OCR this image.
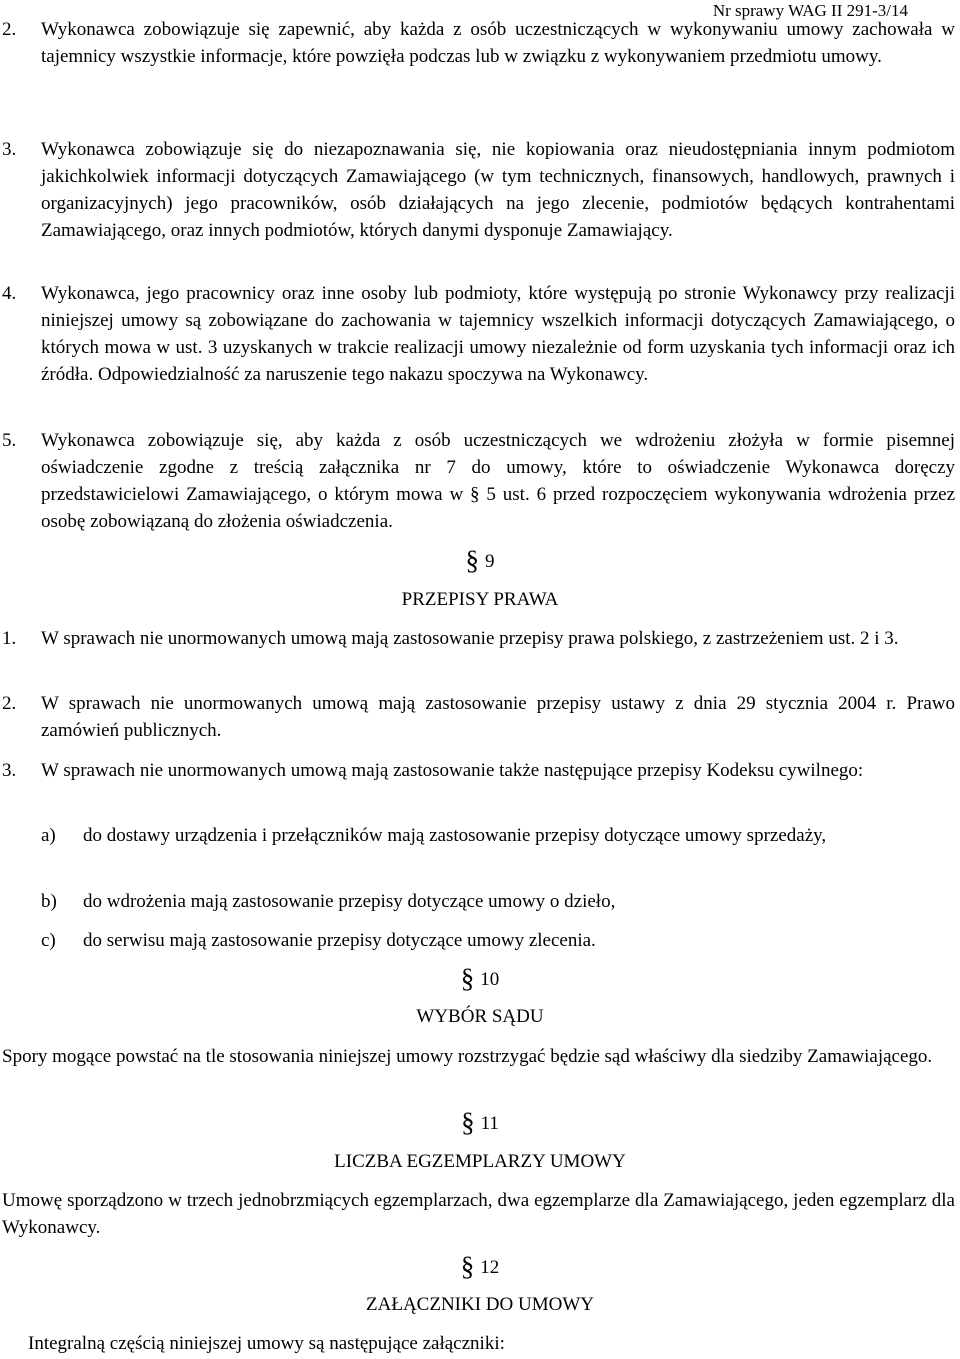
Nr sprawy WAG II 291-3/14
2. Wykonawca zobowiązuje się zapewnić, aby każda z osób uczestniczących w wykonywaniu umowy zachowała w tajemnicy wszystkie informacje, które powzięła podczas lub w związku z wykonywaniem przedmiotu umowy.
3. Wykonawca zobowiązuje się do niezapoznawania się, nie kopiowania oraz nieudostępniania innym podmiotom jakichkolwiek informacji dotyczących Zamawiającego (w tym technicznych, finansowych, handlowych, prawnych i organizacyjnych) jego pracowników, osób działających na jego zlecenie, podmiotów będących kontrahentami Zamawiającego, oraz innych podmiotów, których danymi dysponuje Zamawiający.
4. Wykonawca, jego pracownicy oraz inne osoby lub podmioty, które występują po stronie Wykonawcy przy realizacji niniejszej umowy są zobowiązane do zachowania w tajemnicy wszelkich informacji dotyczących Zamawiającego, o których mowa w ust. 3 uzyskanych w trakcie realizacji umowy niezależnie od form uzyskania tych informacji oraz ich źródła. Odpowiedzialność za naruszenie tego nakazu spoczywa na Wykonawcy.
5. Wykonawca zobowiązuje się, aby każda z osób uczestniczących we wdrożeniu złożyła w formie pisemnej oświadczenie zgodne z treścią załącznika nr 7 do umowy, które to oświadczenie Wykonawca doręczy przedstawicielowi Zamawiającego, o którym mowa w § 5 ust. 6 przed rozpoczęciem wykonywania wdrożenia przez osobę zobowiązaną do złożenia oświadczenia.
§ 9
PRZEPISY PRAWA
1. W sprawach nie unormowanych umową mają zastosowanie przepisy prawa polskiego, z zastrzeżeniem ust. 2 i 3.
2. W sprawach nie unormowanych umową mają zastosowanie przepisy ustawy z dnia 29 stycznia 2004 r. Prawo zamówień publicznych.
3. W sprawach nie unormowanych umową mają zastosowanie także następujące przepisy Kodeksu cywilnego:
a) do dostawy urządzenia i przełączników mają zastosowanie przepisy dotyczące umowy sprzedaży,
b) do wdrożenia mają zastosowanie przepisy dotyczące umowy o dzieło,
c) do serwisu mają zastosowanie przepisy dotyczące umowy zlecenia.
§ 10
WYBÓR SĄDU
Spory mogące powstać na tle stosowania niniejszej umowy rozstrzygać będzie sąd właściwy dla siedziby Zamawiającego.
§ 11
LICZBA EGZEMPLARZY UMOWY
Umowę sporządzono w trzech jednobrzmiących egzemplarzach, dwa egzemplarze dla Zamawiającego, jeden egzemplarz dla Wykonawcy.
§ 12
ZAŁĄCZNIKI DO UMOWY
Integralną częścią niniejszej umowy są następujące załączniki:
